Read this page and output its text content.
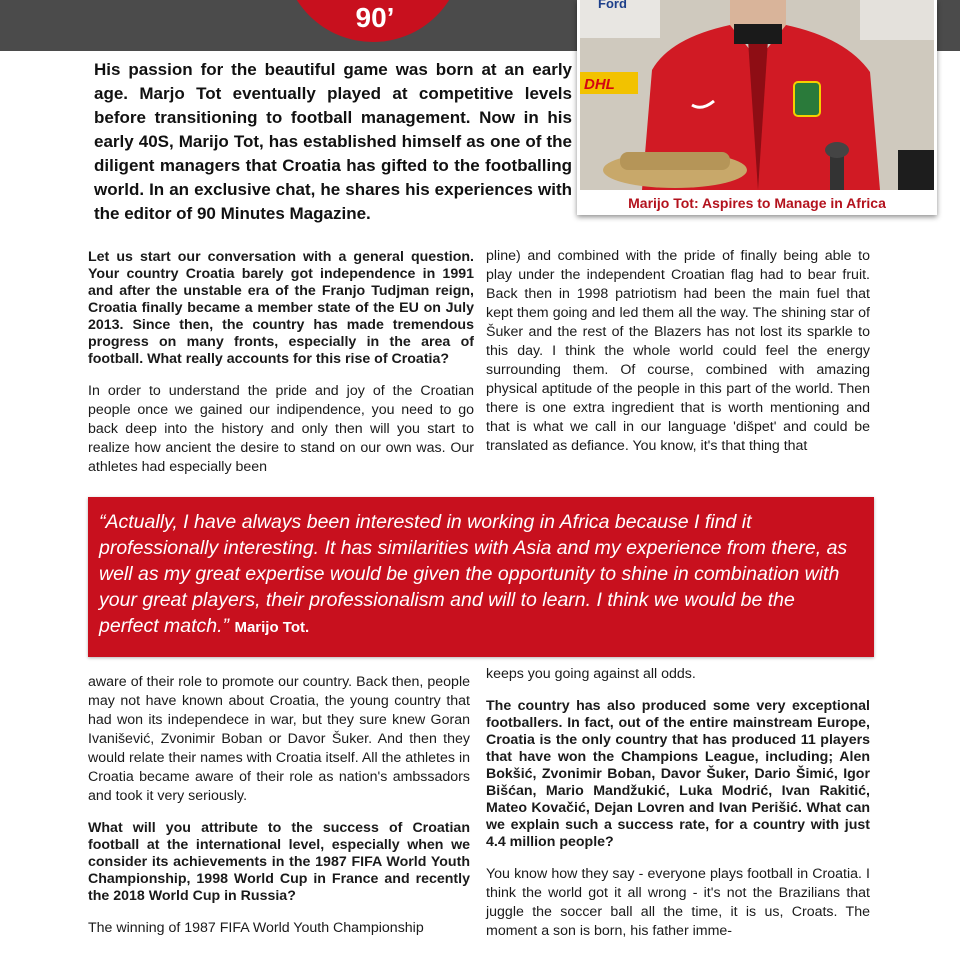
90’
His passion for the beautiful game was born at an early age. Marjo Tot eventually played at competitive levels before transitioning to football management. Now in his early 40S, Marijo Tot, has established himself as one of the diligent managers that Croatia has gifted to the footballing world. In an exclusive chat, he shares his experiences with the editor of 90 Minutes Magazine.
Ford
DHL
Marijo Tot: Aspires to Manage in Africa

Let us start our conversation with a general question. Your country Croatia barely got independence in 1991 and after the unstable era of the Franjo Tudjman reign, Croatia finally became a member state of the EU on July 2013. Since then, the country has made tremendous progress on many fronts, especially in the area of football. What really accounts for this rise of Croatia?

In order to understand the pride and joy of the Croatian people once we gained our indipendence, you need to go back deep into the history and only then will you start to realize how ancient the desire to stand on our own was. Our athletes had especially been

pline) and combined with the pride of finally being able to play under the independent Croatian flag had to bear fruit. Back then in 1998 patriotism had been the main fuel that kept them going and led them all the way. The shining star of Šuker and the rest of the Blazers has not lost its sparkle to this day. I think the whole world could feel the energy surrounding them. Of course, combined with amazing physical aptitude of the people in this part of the world. Then there is one extra ingredient that is worth mentioning and that is what we call in our language 'dišpet' and could be translated as defiance. You know, it's that thing that

“Actually, I have always been interested in working in Africa because I find it professionally interesting. It has similarities with Asia and my experience from there, as well as my great expertise would be given the opportunity to shine in combination with your great players, their professionalism and will to learn. I think we would be the perfect match.” Marijo Tot.

aware of their role to promote our country. Back then, people may not have known about Croatia, the young country that had won its independece in war, but they sure knew Goran Ivanišević, Zvonimir Boban or Davor Šuker. And then they would relate their names with Croatia itself. All the athletes in Croatia became aware of their role as nation's ambssadors and took it very seriously.

What will you attribute to the success of Croatian football at the international level, especially when we consider its achievements in the 1987 FIFA World Youth Championship, 1998 World Cup in France and recently the 2018 World Cup in Russia?

The winning of 1987 FIFA World Youth Championship

keeps you going against all odds.

The country has also produced some very exceptional footballers. In fact, out of the entire mainstream Europe, Croatia is the only country that has produced 11 players that have won the Champions League, including; Alen Bokšić, Zvonimir Boban, Davor Šuker, Dario Šimić, Igor Bišćan, Mario Mandžukić, Luka Modrić, Ivan Rakitić, Mateo Kovačić, Dejan Lovren and Ivan Perišić. What can we explain such a success rate, for a country with just 4.4 million people?

You know how they say - everyone plays football in Croatia. I think the world got it all wrong - it's not the Brazilians that juggle the soccer ball all the time, it is us, Croats. The moment a son is born, his father imme-
